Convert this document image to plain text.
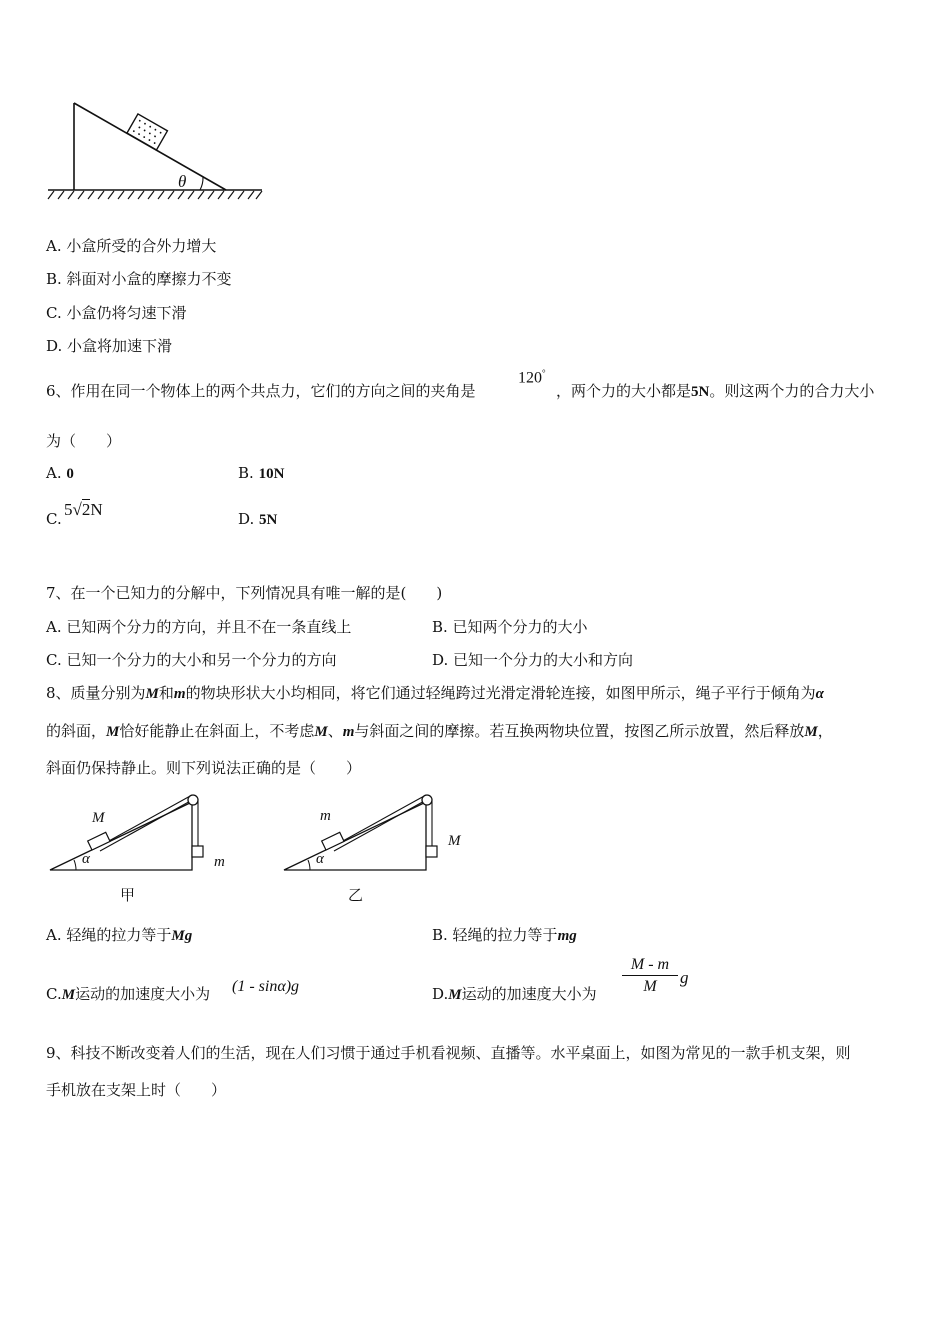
θ
A. 小盒所受的合外力增大
B. 斜面对小盒的摩擦力不变
C. 小盒仍将匀速下滑
D. 小盒将加速下滑
6、作用在同一个物体上的两个共点力，它们的方向之间的夹角是
120°
，两个力的大小都是5N。则这两个力的合力大小
为（　　）
A. 0	B. 10N
C. 5√2N	D. 5N
7、在一个已知力的分解中，下列情况具有唯一解的是(　　)
A. 已知两个分力的方向，并且不在一条直线上	B. 已知两个分力的大小
C. 已知一个分力的大小和另一个分力的方向	D. 已知一个分力的大小和方向
8、质量分别为M和m的物块形状大小均相同，将它们通过轻绳跨过光滑定滑轮连接，如图甲所示，绳子平行于倾角为α
的斜面，M恰好能静止在斜面上，不考虑M、m与斜面之间的摩擦。若互换两物块位置，按图乙所示放置，然后释放M，
斜面仍保持静止。则下列说法正确的是（　　）
M
α	m
甲
m
α
M
乙
A. 轻绳的拉力等于Mg	B. 轻绳的拉力等于mg
C.M运动的加速度大小为 (1 - sinα)g	D.M运动的加速度大小为 $\frac{M - m}{M}$ g
9、科技不断改变着人们的生活，现在人们习惯于通过手机看视频、直播等。水平桌面上，如图为常见的一款手机支架，则
手机放在支架上时（　　）
